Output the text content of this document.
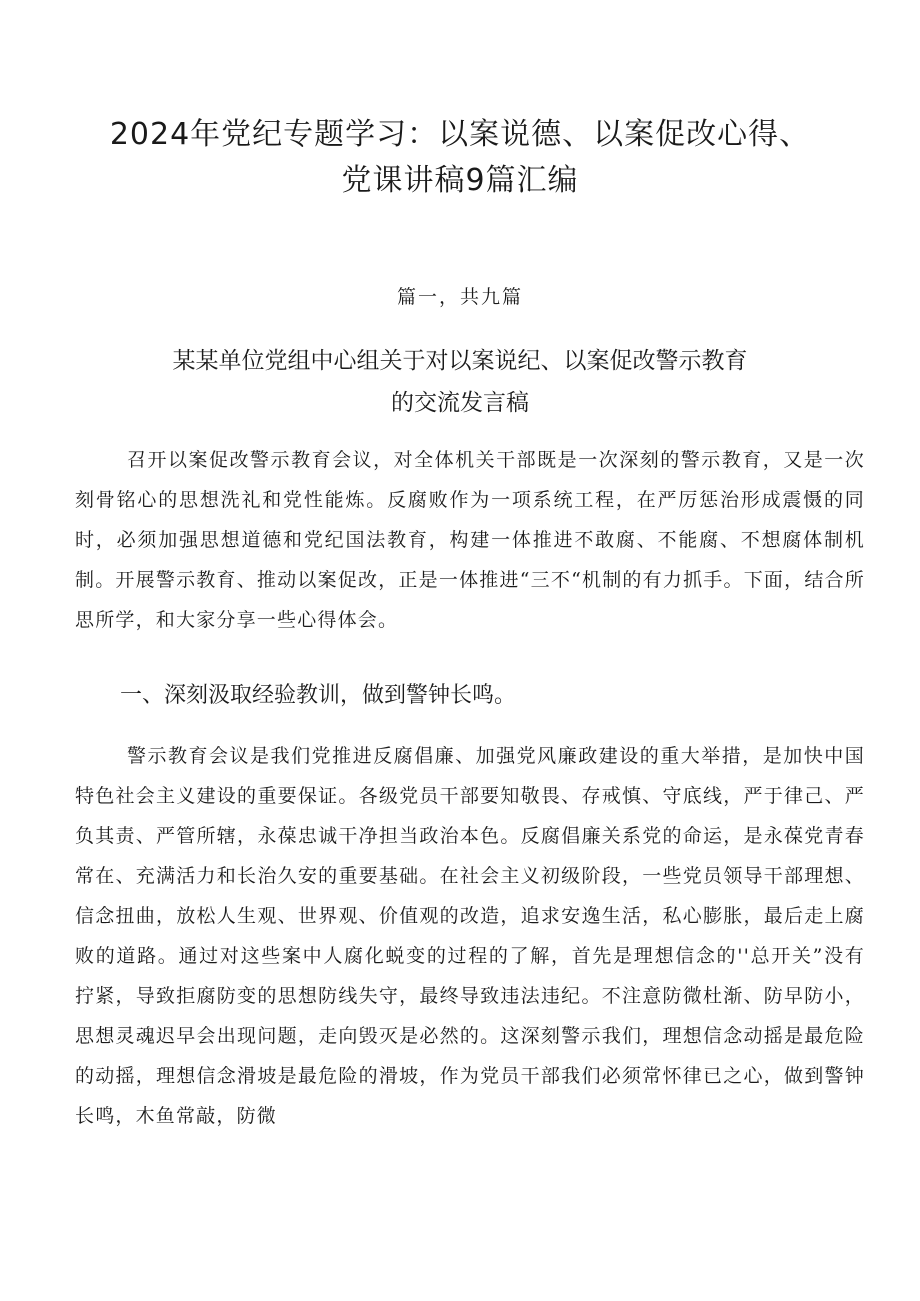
2024年党纪专题学习：以案说德、以案促改心得、
党课讲稿9篇汇编
篇一，共九篇
某某单位党组中心组关于对以案说纪、以案促改警示教育
的交流发言稿

召开以案促改警示教育会议，对全体机关干部既是一次深刻的警示教育，又是一次刻骨铭心的思想洗礼和党性能炼。反腐败作为一项系统工程，在严厉惩治形成震慑的同时，必须加强思想道德和党纪国法教育，构建一体推进不敢腐、不能腐、不想腐体制机制。开展警示教育、推动以案促改，正是一体推进“三不“机制的有力抓手。下面，结合所思所学，和大家分享一些心得体会。

一、深刻汲取经验教训，做到警钟长鸣。

警示教育会议是我们党推进反腐倡廉、加强党风廉政建设的重大举措，是加快中国特色社会主义建设的重要保证。各级党员干部要知敬畏、存戒慎、守底线，严于律己、严负其责、严管所辖，永葆忠诚干净担当政治本色。反腐倡廉关系党的命运，是永葆党青春常在、充满活力和长治久安的重要基础。在社会主义初级阶段，一些党员领导干部理想、信念扭曲，放松人生观、世界观、价值观的改造，追求安逸生活，私心膨胀，最后走上腐败的道路。通过对这些案中人腐化蜕变的过程的了解，首先是理想信念的''总开关”没有拧紧，导致拒腐防变的思想防线失守，最终导致违法违纪。不注意防微杜渐、防早防小，思想灵魂迟早会出现问题，走向毁灭是必然的。这深刻警示我们，理想信念动摇是最危险的动摇，理想信念滑坡是最危险的滑坡，作为党员干部我们必须常怀律已之心，做到警钟长鸣，木鱼常敲，防微
